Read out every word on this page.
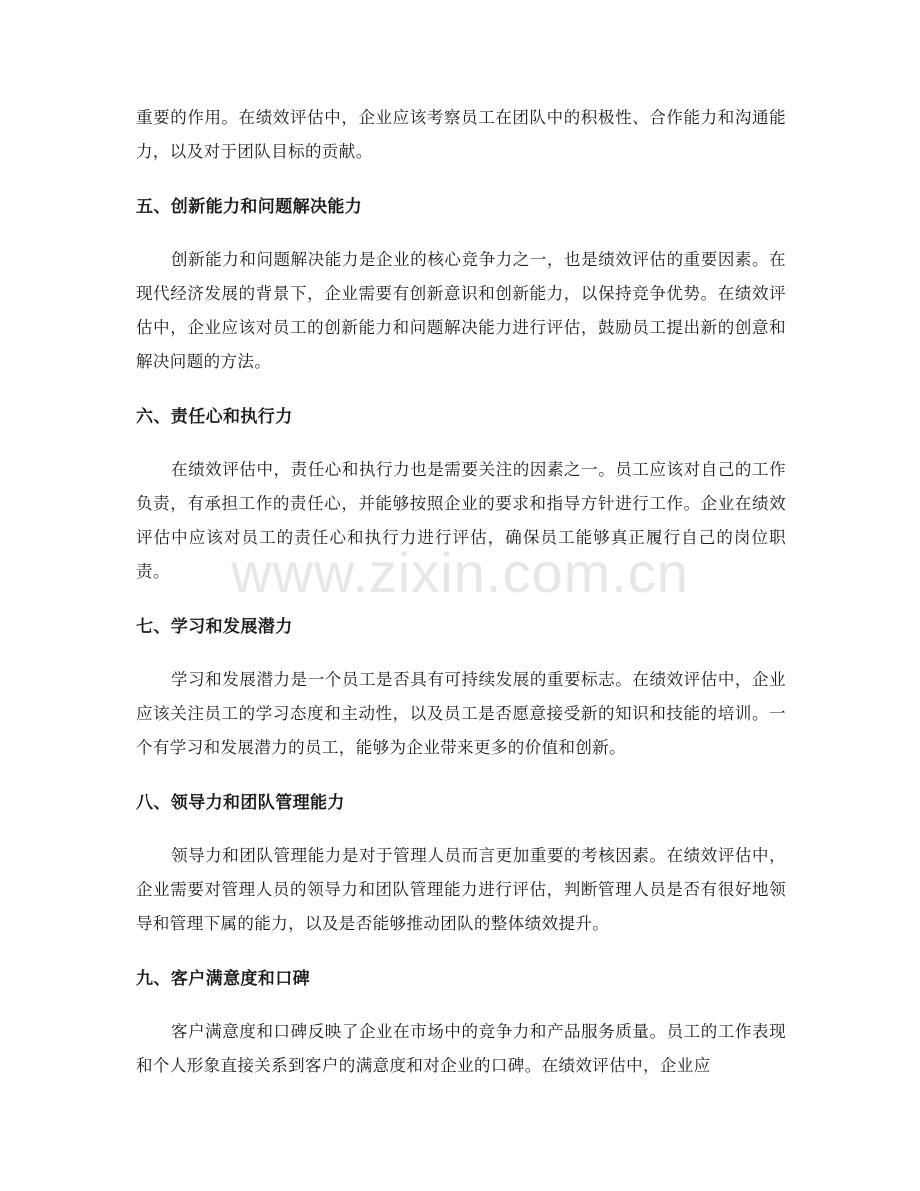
重要的作用。在绩效评估中，企业应该考察员工在团队中的积极性、合作能力和沟通能力，以及对于团队目标的贡献。

五、创新能力和问题解决能力

创新能力和问题解决能力是企业的核心竞争力之一，也是绩效评估的重要因素。在现代经济发展的背景下，企业需要有创新意识和创新能力，以保持竞争优势。在绩效评估中，企业应该对员工的创新能力和问题解决能力进行评估，鼓励员工提出新的创意和解决问题的方法。

六、责任心和执行力

在绩效评估中，责任心和执行力也是需要关注的因素之一。员工应该对自己的工作负责，有承担工作的责任心，并能够按照企业的要求和指导方针进行工作。企业在绩效评估中应该对员工的责任心和执行力进行评估，确保员工能够真正履行自己的岗位职责。

七、学习和发展潜力

学习和发展潜力是一个员工是否具有可持续发展的重要标志。在绩效评估中，企业应该关注员工的学习态度和主动性，以及员工是否愿意接受新的知识和技能的培训。一个有学习和发展潜力的员工，能够为企业带来更多的价值和创新。

八、领导力和团队管理能力

领导力和团队管理能力是对于管理人员而言更加重要的考核因素。在绩效评估中，企业需要对管理人员的领导力和团队管理能力进行评估，判断管理人员是否有很好地领导和管理下属的能力，以及是否能够推动团队的整体绩效提升。

九、客户满意度和口碑

客户满意度和口碑反映了企业在市场中的竞争力和产品服务质量。员工的工作表现和个人形象直接关系到客户的满意度和对企业的口碑。在绩效评估中，企业应

www.zixin.com.cn
